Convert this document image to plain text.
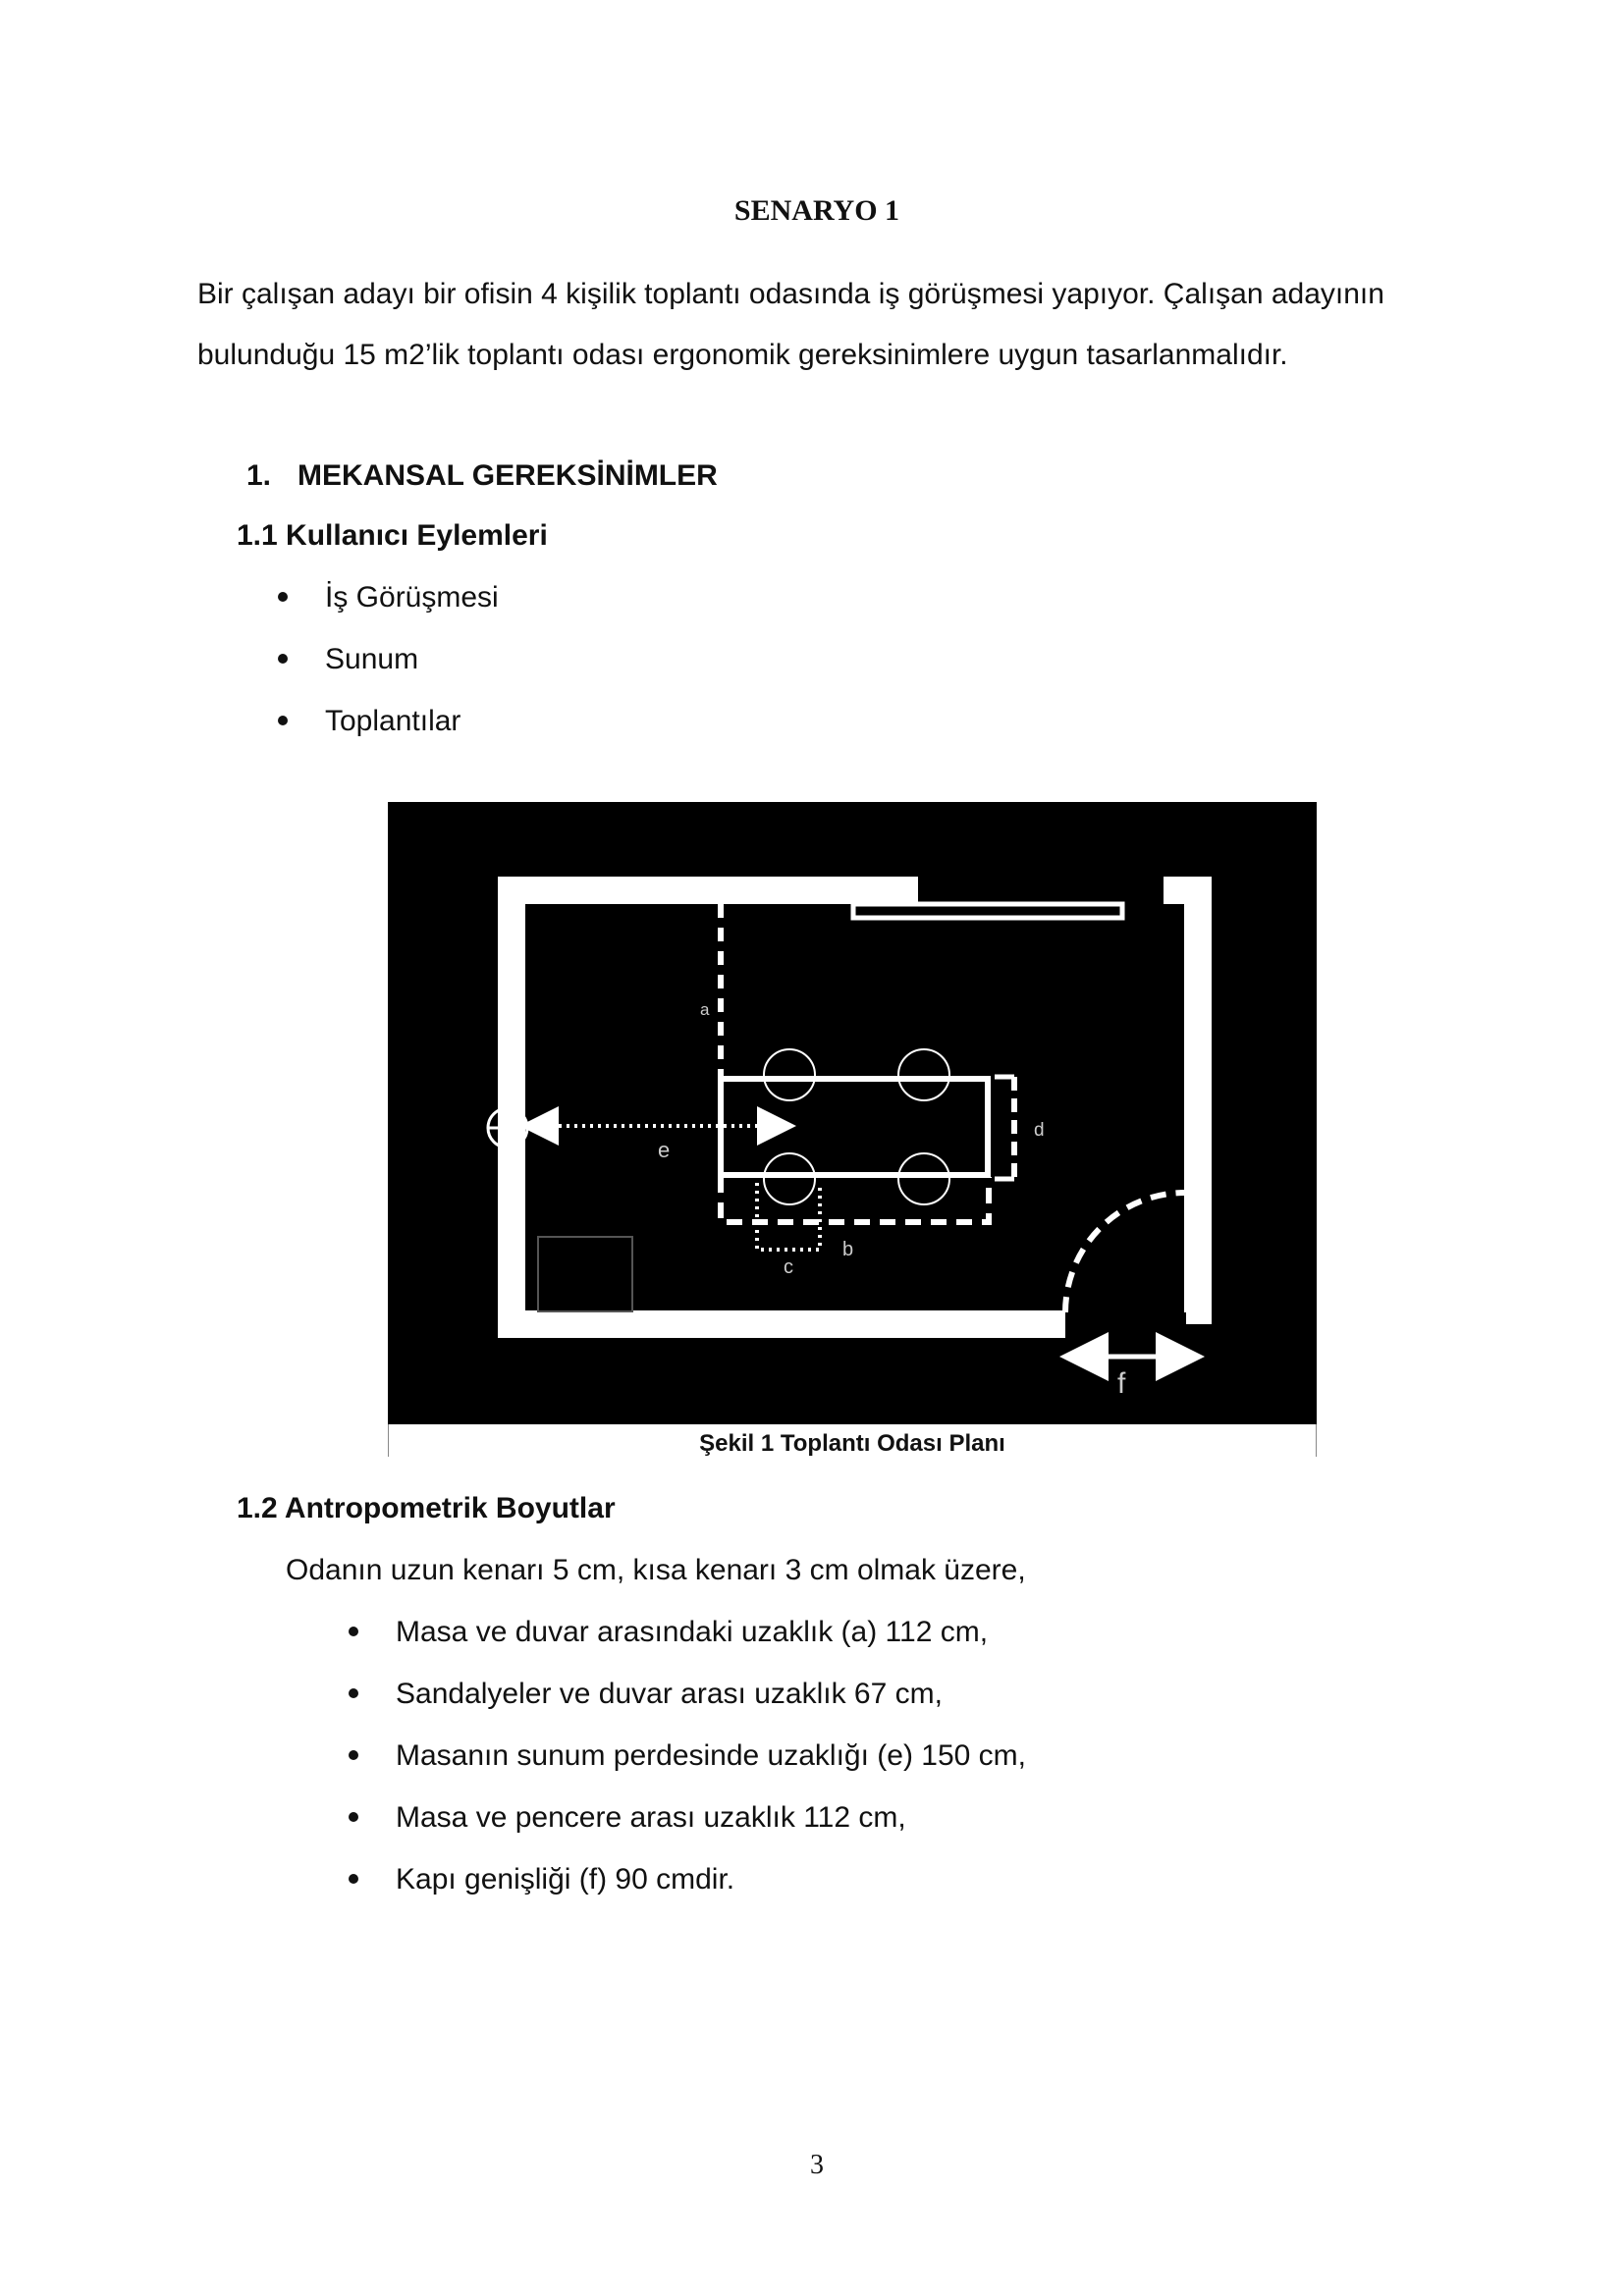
SENARYO 1
Bir çalışan adayı bir ofisin 4 kişilik toplantı odasında iş görüşmesi yapıyor. Çalışan adayının
bulunduğu 15 m2’lik toplantı odası ergonomik gereksinimlere uygun tasarlanmalıdır.
1. MEKANSAL GEREKSİNİMLER
1.1 Kullanıcı Eylemleri
İş Görüşmesi
Sunum
Toplantılar
a
e
d
b
c
f
Şekil 1 Toplantı Odası Planı
1.2 Antropometrik Boyutlar
Odanın uzun kenarı 5 cm, kısa kenarı 3 cm olmak üzere,
Masa ve duvar arasındaki uzaklık (a) 112 cm,
Sandalyeler ve duvar arası uzaklık 67 cm,
Masanın sunum perdesinde uzaklığı (e) 150 cm,
Masa ve pencere arası uzaklık 112 cm,
Kapı genişliği (f) 90 cmdir.
3
